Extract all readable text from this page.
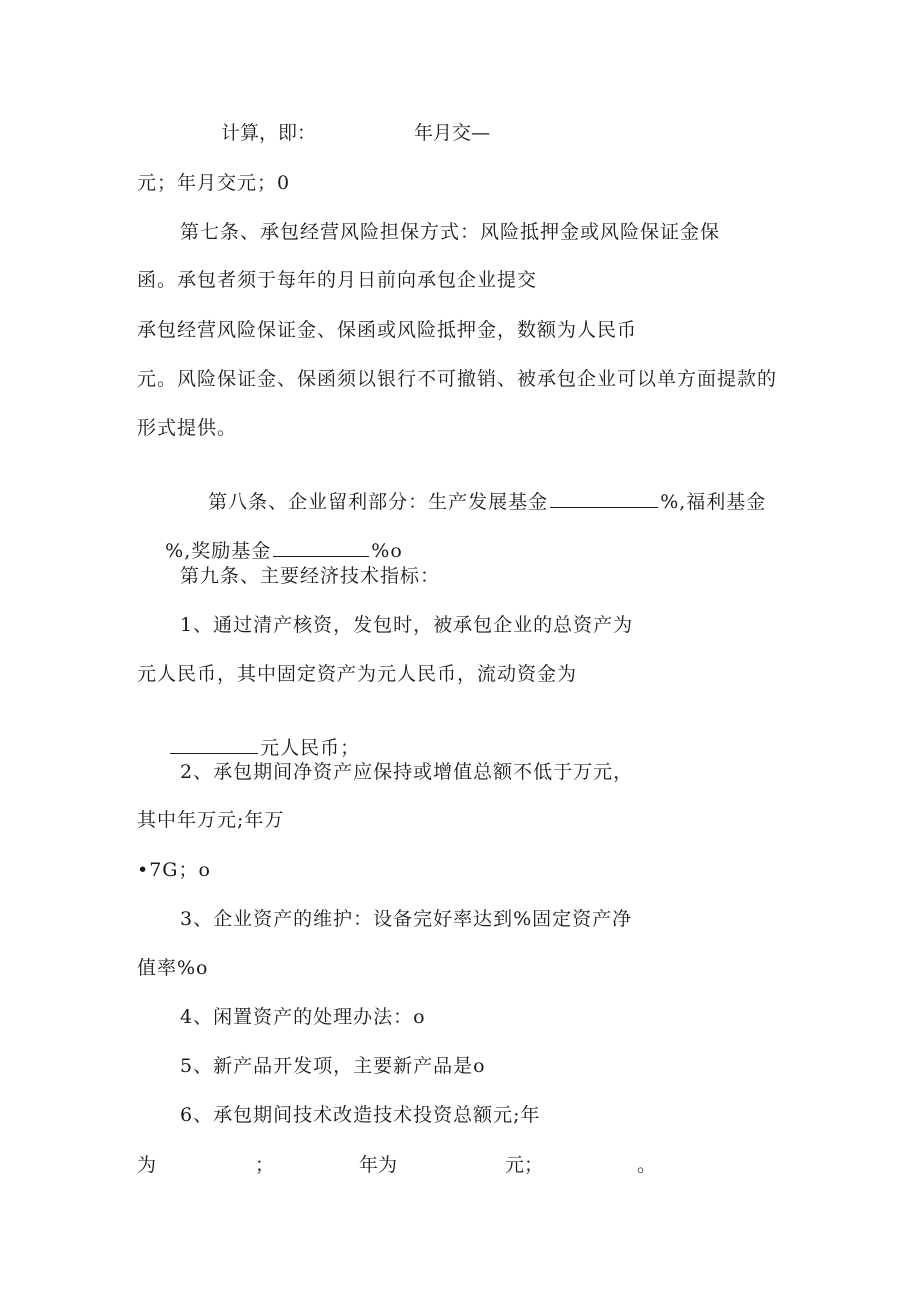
计算，即：	年月交—
元；年月交元；0
第七条、承包经营风险担保方式：风险抵押金或风险保证金保
函。承包者须于每年的月日前向承包企业提交
承包经营风险保证金、保函或风险抵押金，数额为人民币
元。风险保证金、保函须以银行不可撤销、被承包企业可以单方面提款的
形式提供。

第八条、企业留利部分：生产发展基金	%,福利基金

%,奖励基金	%o

第九条、主要经济技术指标：
1、通过清产核资，发包时，被承包企业的总资产为
元人民币，其中固定资产为元人民币，流动资金为

元人民币；

2、承包期间净资产应保持或增值总额不低于万元，
其中年万元;年万
•7G；o
3、企业资产的维护：设备完好率达到%固定资产净
值率%o
4、闲置资产的处理办法：o
5、新产品开发项，主要新产品是o
6、承包期间技术改造技术投资总额元;年
为	；	年为	元；	。
